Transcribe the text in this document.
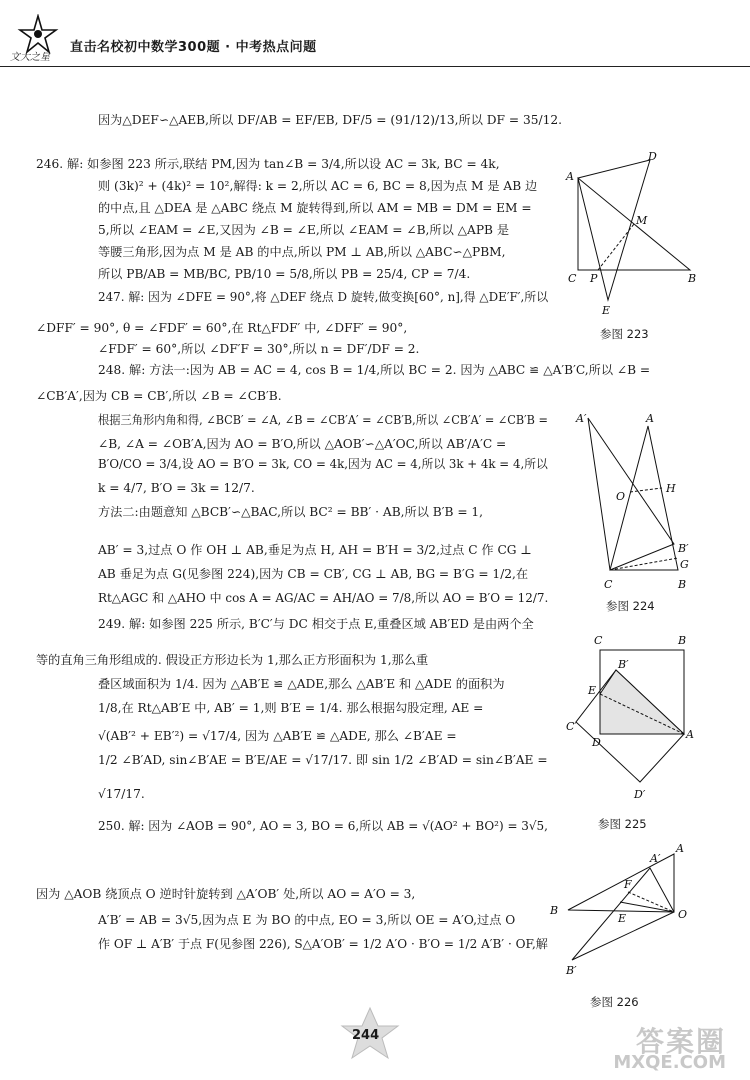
文大之星
直击名校初中数学300题 · 中考热点问题
因为△DEF∽△AEB,所以 DF/AB = EF/EB, DF/5 = (91/12)/13,所以 DF = 35/12.
246. 解: 如参图 223 所示,联结 PM,因为 tan∠B = 3/4,所以设 AC = 3k, BC = 4k,
则 (3k)² + (4k)² = 10²,解得: k = 2,所以 AC = 6, BC = 8,因为点 M 是 AB 边
的中点,且 △DEA 是 △ABC 绕点 M 旋转得到,所以 AM = MB = DM = EM =
5,所以 ∠EAM = ∠E,又因为 ∠B = ∠E,所以 ∠EAM = ∠B,所以 △APB 是
等腰三角形,因为点 M 是 AB 的中点,所以 PM ⊥ AB,所以 △ABC∽△PBM,
所以 PB/AB = MB/BC, PB/10 = 5/8,所以 PB = 25/4, CP = 7/4.
247. 解: 因为 ∠DFE = 90°,将 △DEF 绕点 D 旋转,做变换[60°, n],得 △DE′F′,所以
∠DFF′ = 90°, θ = ∠FDF′ = 60°,在 Rt△FDF′ 中, ∠DFF′ = 90°,
∠FDF′ = 60°,所以 ∠DF′F = 30°,所以 n = DF′/DF = 2.
248. 解: 方法一:因为 AB = AC = 4, cos B = 1/4,所以 BC = 2. 因为 △ABC ≌ △A′B′C,所以 ∠B =
∠CB′A′,因为 CB = CB′,所以 ∠B = ∠CB′B.
根据三角形内角和得, ∠BCB′ = ∠A, ∠B = ∠CB′A′ = ∠CB′B,所以 ∠CB′A′ = ∠CB′B =
∠B, ∠A = ∠OB′A,因为 AO = B′O,所以 △AOB′∽△A′OC,所以 AB′/A′C =
B′O/CO = 3/4,设 AO = B′O = 3k, CO = 4k,因为 AC = 4,所以 3k + 4k = 4,所以
k = 4/7, B′O = 3k = 12/7.
方法二:由题意知 △BCB′∽△BAC,所以 BC² = BB′ · AB,所以 B′B = 1,
AB′ = 3,过点 O 作 OH ⊥ AB,垂足为点 H, AH = B′H = 3/2,过点 C 作 CG ⊥
AB 垂足为点 G(见参图 224),因为 CB = CB′, CG ⊥ AB, BG = B′G = 1/2,在
Rt△AGC 和 △AHO 中 cos A = AG/AC = AH/AO = 7/8,所以 AO = B′O = 12/7.
249. 解: 如参图 225 所示, B′C′与 DC 相交于点 E,重叠区域 AB′ED 是由两个全
等的直角三角形组成的. 假设正方形边长为 1,那么正方形面积为 1,那么重
叠区域面积为 1/4. 因为 △AB′E ≌ △ADE,那么 △AB′E 和 △ADE 的面积为
1/8,在 Rt△AB′E 中, AB′ = 1,则 B′E = 1/4. 那么根据勾股定理, AE =
√(AB′² + EB′²) = √17/4, 因为 △AB′E ≌ △ADE, 那么 ∠B′AE =
1/2 ∠B′AD, sin∠B′AE = B′E/AE = √17/17. 即 sin 1/2 ∠B′AD = sin∠B′AE =
√17/17.
250. 解: 因为 ∠AOB = 90°, AO = 3, BO = 6,所以 AB = √(AO² + BO²) = 3√5,
因为 △AOB 绕顶点 O 逆时针旋转到 △A′OB′ 处,所以 AO = A′O = 3,
A′B′ = AB = 3√5,因为点 E 为 BO 的中点, EO = 3,所以 OE = A′O,过点 O
作 OF ⊥ A′B′ 于点 F(见参图 226), S△A′OB′ = 1/2 A′O · B′O = 1/2 A′B′ · OF,解
A
D
M
C P	B
E
参图 223
A′	A
O
H
B′
G
C	B
参图 224
C	B
B′
E
C′
D
A
D′
参图 225
A′
A
F
B
E	O
B′
参图 226
244	答案圈
MXQE.COM
